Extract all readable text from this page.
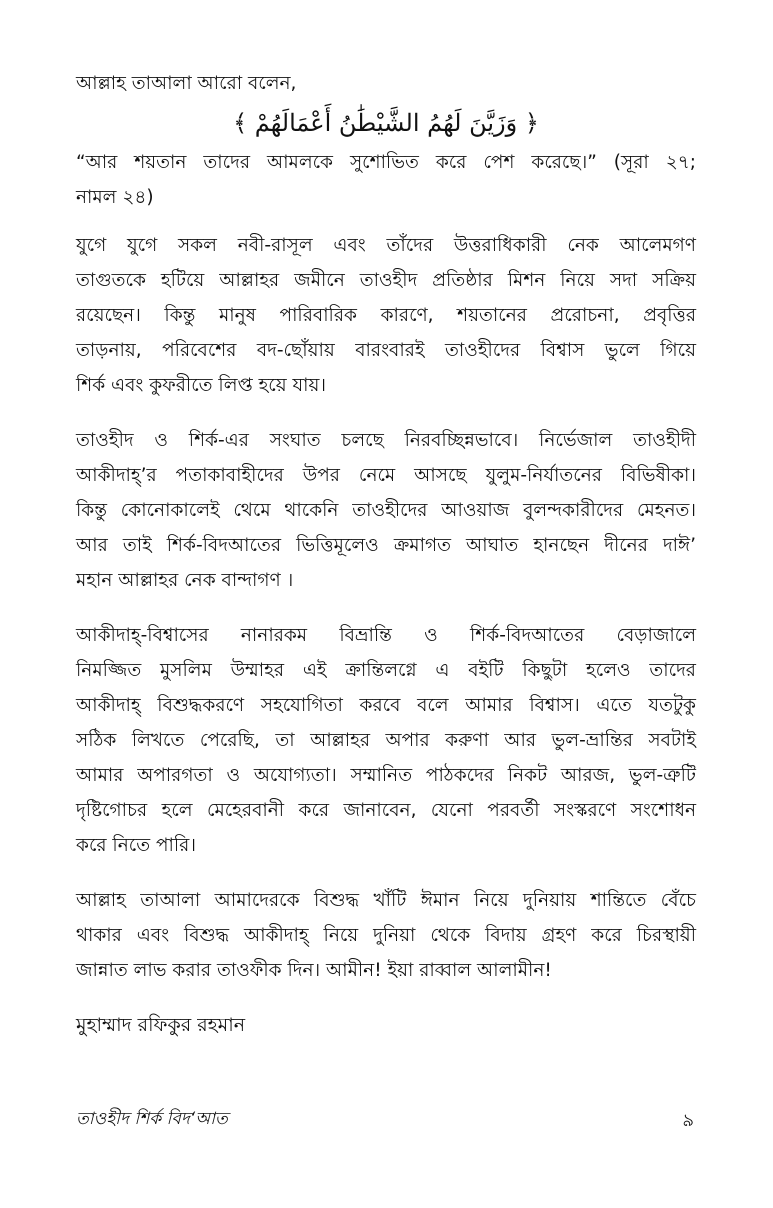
আল্লাহ তাআলা আরো বলেন,
﴿ وَزَيَّنَ لَهُمُ الشَّيْطَٰنُ أَعْمَالَهُمْ ﴾
“আর শয়তান তাদের আমলকে সুশোভিত করে পেশ করেছে।” (সূরা ২৭;
নামল ২৪)
যুগে যুগে সকল নবী-রাসূল এবং তাঁদের উত্তরাধিকারী নেক আলেমগণ
তাগুতকে হটিয়ে আল্লাহর জমীনে তাওহীদ প্রতিষ্ঠার মিশন নিয়ে সদা সক্রিয়
রয়েছেন। কিন্তু মানুষ পারিবারিক কারণে, শয়তানের প্ররোচনা, প্রবৃত্তির
তাড়নায়, পরিবেশের বদ-ছোঁয়ায় বারংবারই তাওহীদের বিশ্বাস ভুলে গিয়ে
শির্ক এবং কুফরীতে লিপ্ত হয়ে যায়।
তাওহীদ ও শির্ক-এর সংঘাত চলছে নিরবচ্ছিন্নভাবে। নির্ভেজাল তাওহীদী
আকীদাহ্’র পতাকাবাহীদের উপর নেমে আসছে যুলুম-নির্যাতনের বিভিষীকা।
কিন্তু কোনোকালেই থেমে থাকেনি তাওহীদের আওয়াজ বুলন্দকারীদের মেহনত।
আর তাই শির্ক-বিদআতের ভিত্তিমূলেও ক্রমাগত আঘাত হানছেন দীনের দাঈ’
মহান আল্লাহর নেক বান্দাগণ ।
আকীদাহ্-বিশ্বাসের নানারকম বিভ্রান্তি ও শির্ক-বিদআতের বেড়াজালে
নিমজ্জিত মুসলিম উম্মাহর এই ক্রান্তিলগ্নে এ বইটি কিছুটা হলেও তাদের
আকীদাহ্ বিশুদ্ধকরণে সহযোগিতা করবে বলে আমার বিশ্বাস। এতে যতটুকু
সঠিক লিখতে পেরেছি, তা আল্লাহর অপার করুণা আর ভুল-ভ্রান্তির সবটাই
আমার অপারগতা ও অযোগ্যতা। সম্মানিত পাঠকদের নিকট আরজ, ভুল-ত্রুটি
দৃষ্টিগোচর হলে মেহেরবানী করে জানাবেন, যেনো পরবর্তী সংস্করণে সংশোধন
করে নিতে পারি।
আল্লাহ তাআলা আমাদেরকে বিশুদ্ধ খাঁটি ঈমান নিয়ে দুনিয়ায় শান্তিতে বেঁচে
থাকার এবং বিশুদ্ধ আকীদাহ্ নিয়ে দুনিয়া থেকে বিদায় গ্রহণ করে চিরস্থায়ী
জান্নাত লাভ করার তাওফীক দিন। আমীন! ইয়া রাব্বাল আলামীন!
মুহাম্মাদ রফিকুর রহমান
তাওহীদ শির্ক বিদ‘আত	৯
